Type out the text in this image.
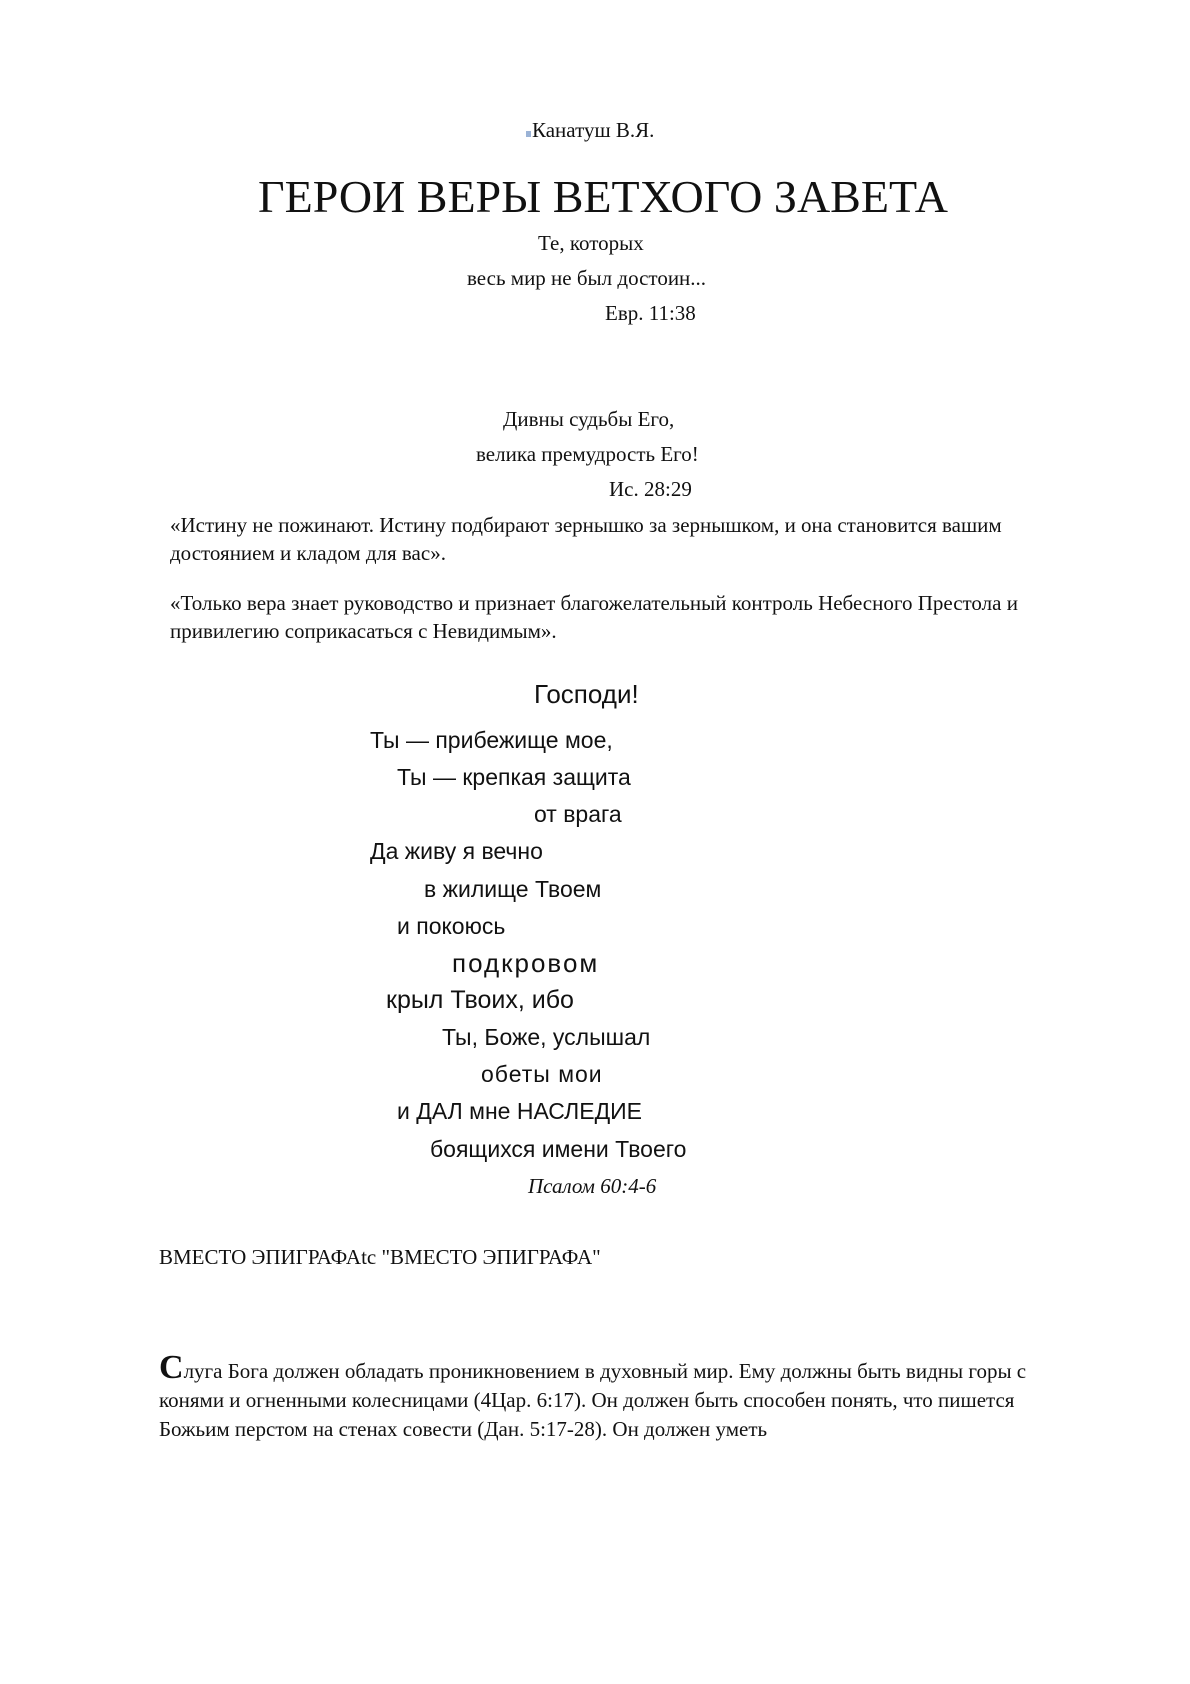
Канатуш В.Я.
ГЕРОИ ВЕРЫ ВЕТХОГО ЗАВЕТА
Те, которых
весь мир не был достоин...
Евр. 11:38
Дивны судьбы Его,
велика премудрость Его!
Ис. 28:29
«Истину не пожинают. Истину подбирают зернышко за зернышком, и она становится вашим достоянием и кладом для вас».
«Только вера знает руководство и признает благожелательный контроль Небесного Престола и привилегию соприкасаться с Невидимым».
Господи!
Ты — прибежище мое,
Ты — крепкая защита
от врага
Да живу я вечно
в жилище Твоем
и покоюсь
подкровом
крыл Твоих, ибо
Ты, Боже, услышал
обеты мои
и ДАЛ мне НАСЛЕДИЕ
боящихся имени Твоего
Псалом 60:4-6
ВМЕСТО ЭПИГРАФАtc "ВМЕСТО ЭПИГРАФА"
Слуга Бога должен обладать проникновением в духовный мир. Ему должны быть видны горы с конями и огненными колесницами (4Цар. 6:17). Он должен быть способен понять, что пишется Божьим перстом на стенах совести (Дан. 5:17-28). Он должен уметь
